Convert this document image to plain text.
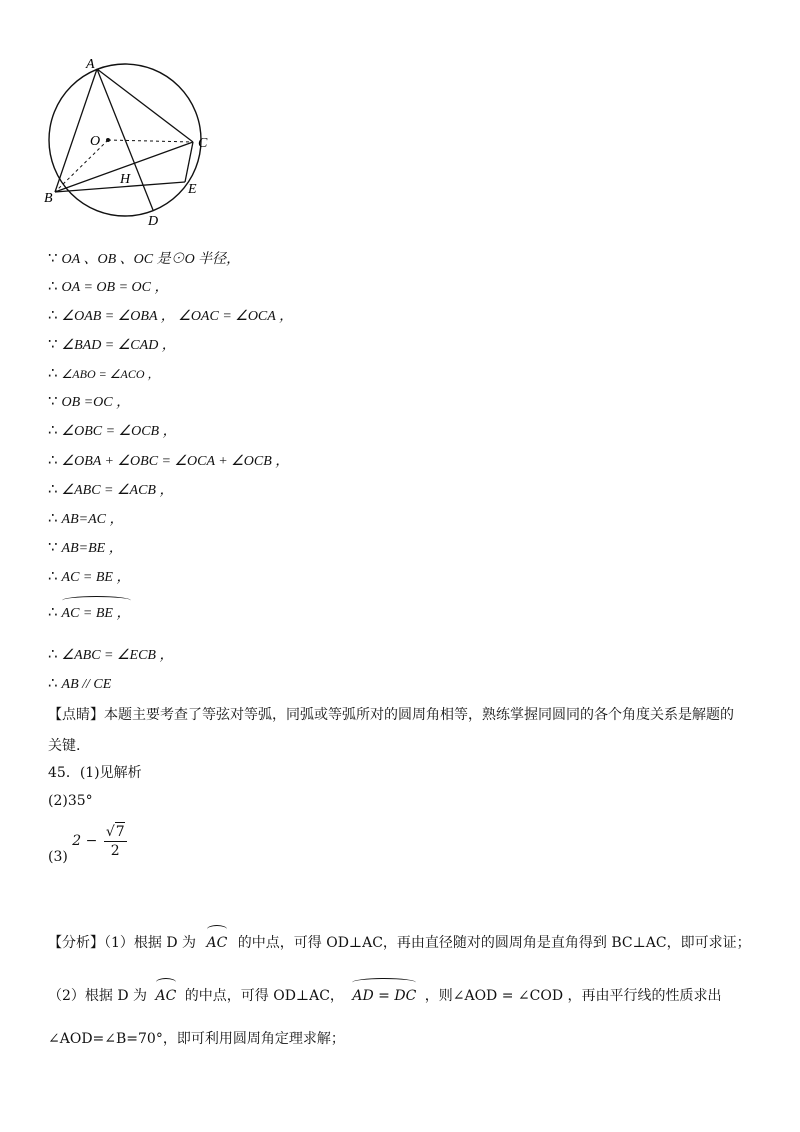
A
O	C
B
H
E
D
∵ OA 、OB 、OC 是⊙O 半径，
∴ OA = OB = OC ，
∴ ∠OAB = ∠OBA ， ∠OAC = ∠OCA ，
∵ ∠BAD = ∠CAD ，
∴ ∠ABO = ∠ACO ，
∵ OB =OC ，
∴ ∠OBC = ∠OCB ，
∴ ∠OBA + ∠OBC = ∠OCA + ∠OCB ，
∴ ∠ABC = ∠ACB ，
∴ AB=AC ，
∵ AB=BE ，
∴ AC = BE ，
∴ AC = BE ，
∴ ∠ABC = ∠ECB ，
∴ AB // CE
【点睛】本题主要考查了等弦对等弧，同弧或等弧所对的圆周角相等，熟练掌握同圆同的各个角度关系是解题的
关键.
45．(1)见解析
(2)35°
(3) $2 - \frac{√7}{2}$
【分析】（1）根据 D 为 AC 的中点，可得 OD⊥AC，再由直径随对的圆周角是直角得到 BC⊥AC，即可求证；
（2）根据 D 为 AC 的中点，可得 OD⊥AC， AD = DC ，则∠AOD = ∠COD ，再由平行线的性质求出
∠AOD=∠B=70°，即可利用圆周角定理求解；
